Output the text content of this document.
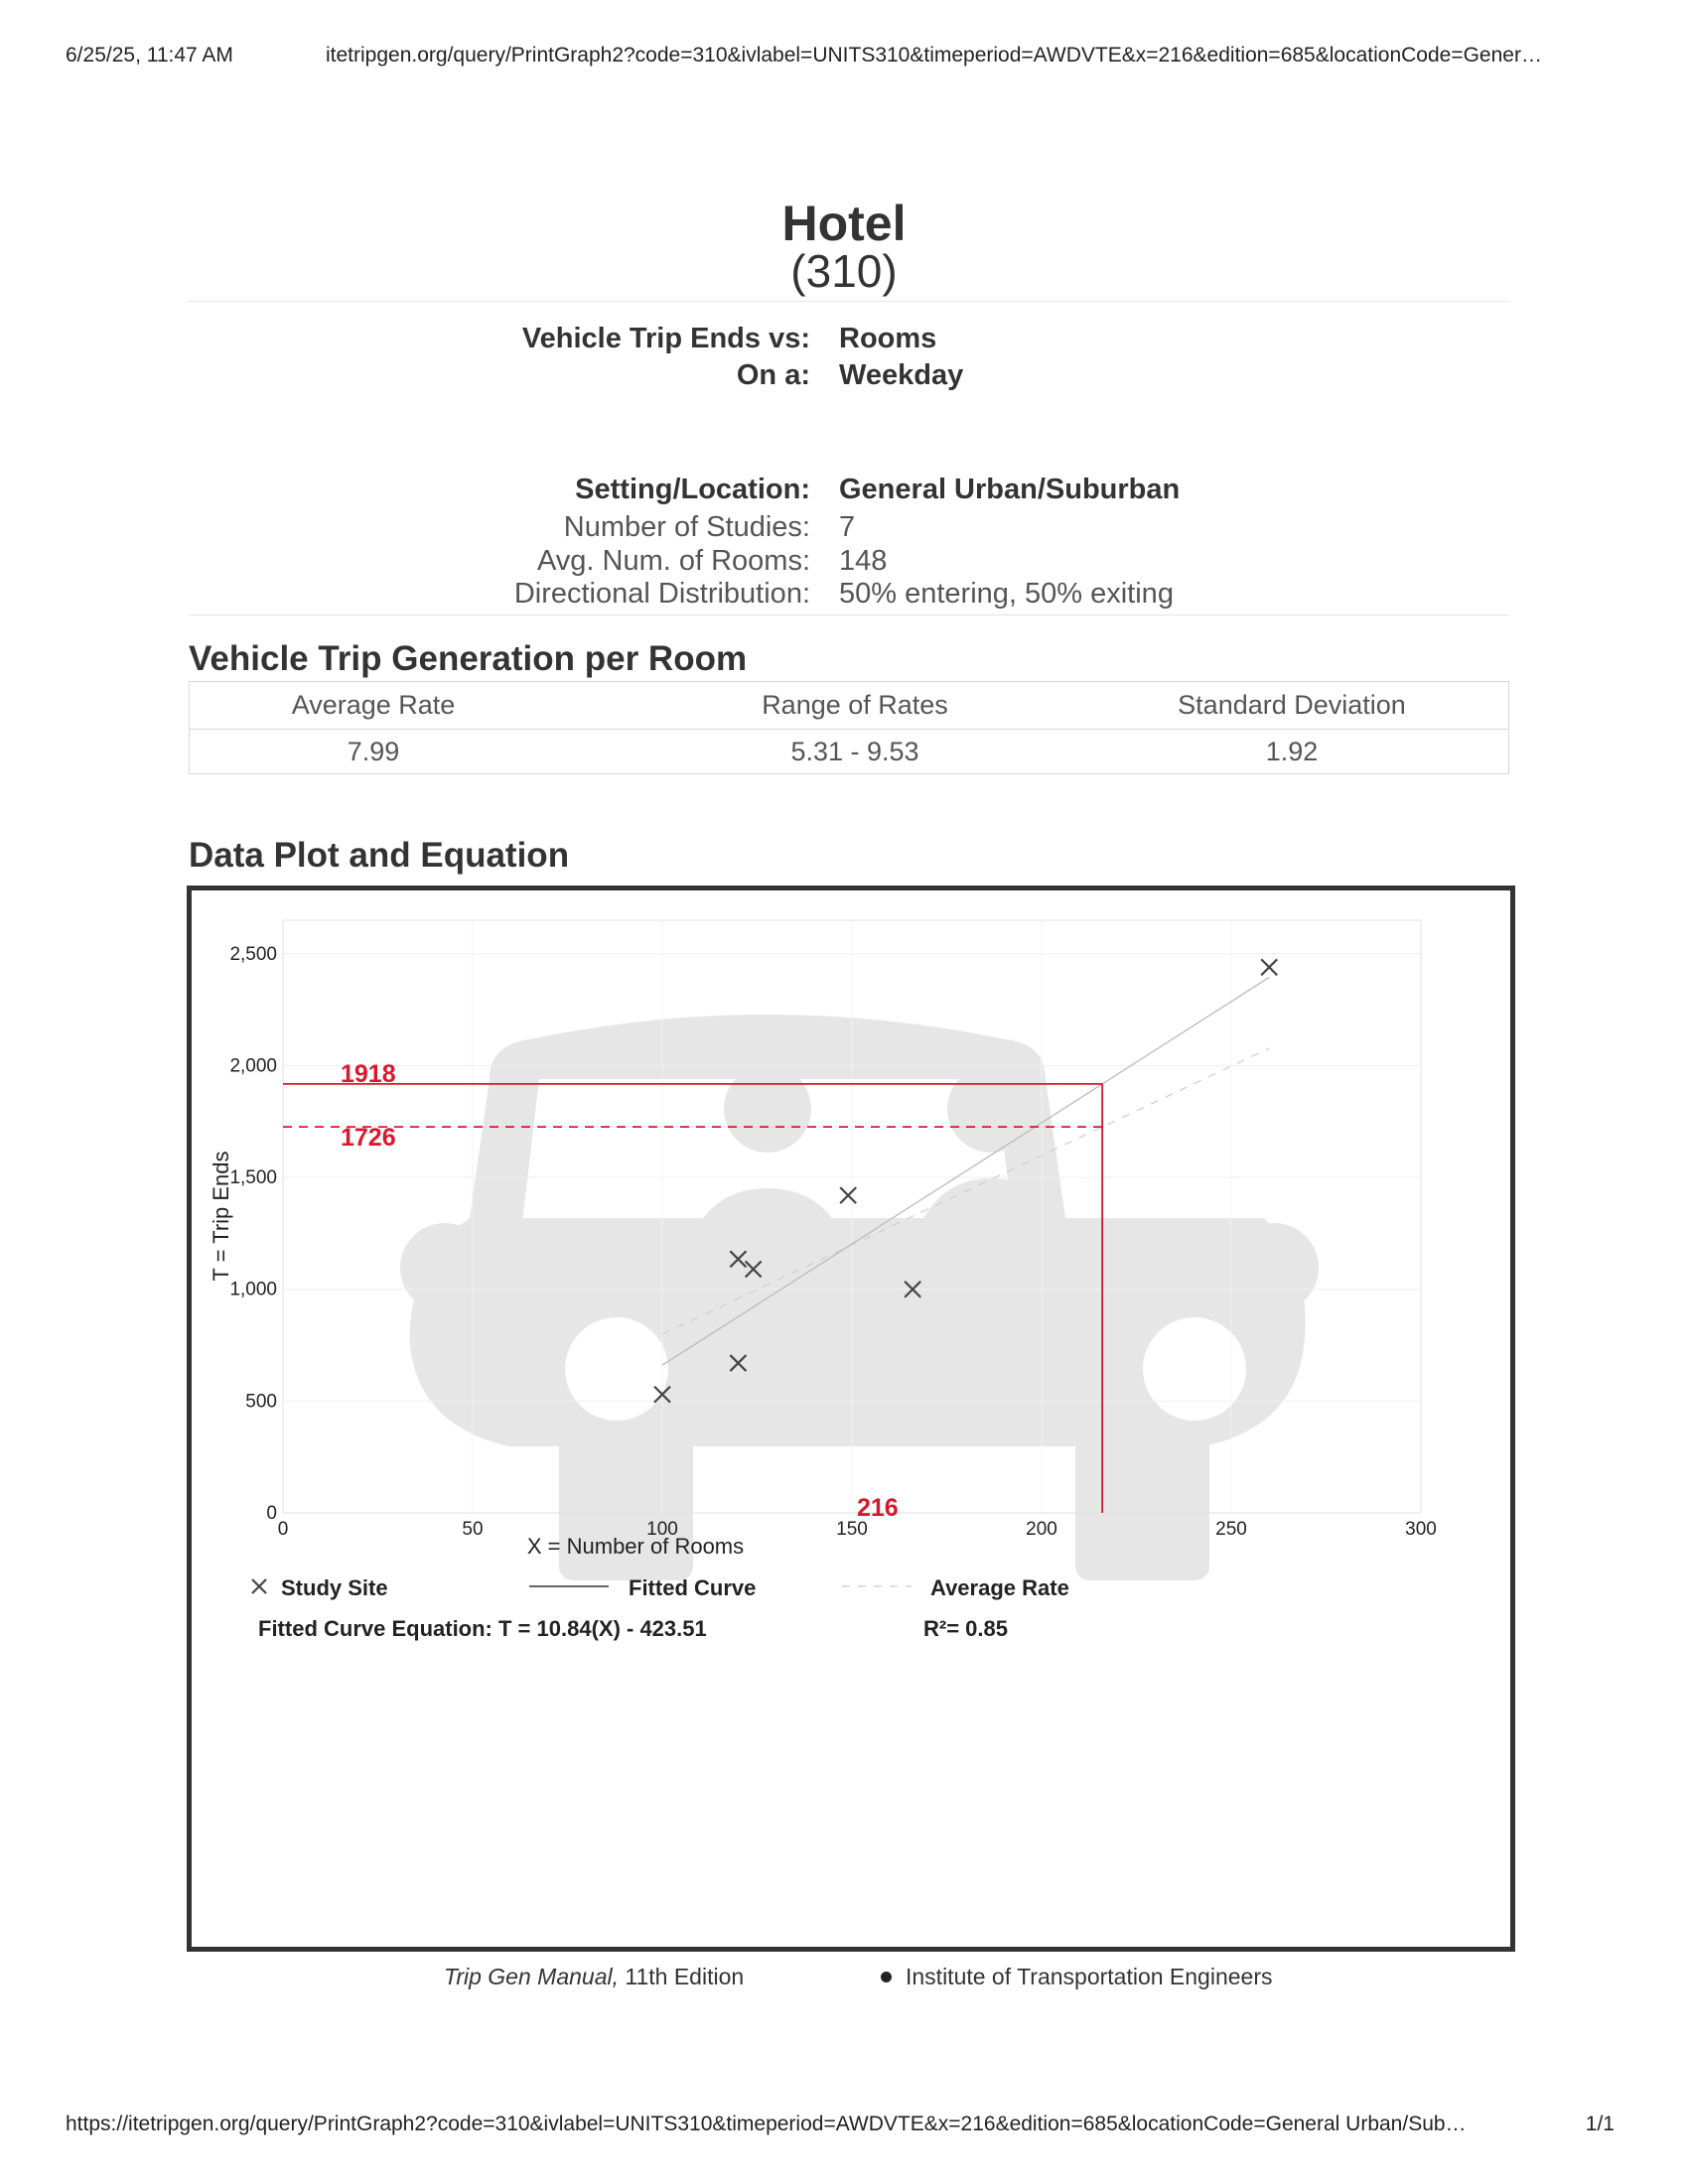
6/25/25, 11:47 AM	itetripgen.org/query/PrintGraph2?code=310&ivlabel=UNITS310&timeperiod=AWDVTE&x=216&edition=685&locationCode=Gener…
Hotel
(310)
Vehicle Trip Ends vs: Rooms
On a: Weekday
Setting/Location: General Urban/Suburban
Number of Studies: 7
Avg. Num. of Rooms: 148
Directional Distribution: 50% entering, 50% exiting
Vehicle Trip Generation per Room
Average Rate	Range of Rates	Standard Deviation
7.99	5.31 - 9.53	1.92
Data Plot and Equation
0
500
1,000
1,500
2,000
2,500
0	50	100	150	200	250	300
1918
1726
216
X = Number of Rooms
T = Trip Ends
Study Site	Fitted Curve	Average Rate
Fitted Curve Equation: T = 10.84(X) - 423.51	R²= 0.85
Trip Gen Manual, 11th Edition	Institute of Transportation Engineers
https://itetripgen.org/query/PrintGraph2?code=310&ivlabel=UNITS310&timeperiod=AWDVTE&x=216&edition=685&locationCode=General Urban/Sub…	1/1
